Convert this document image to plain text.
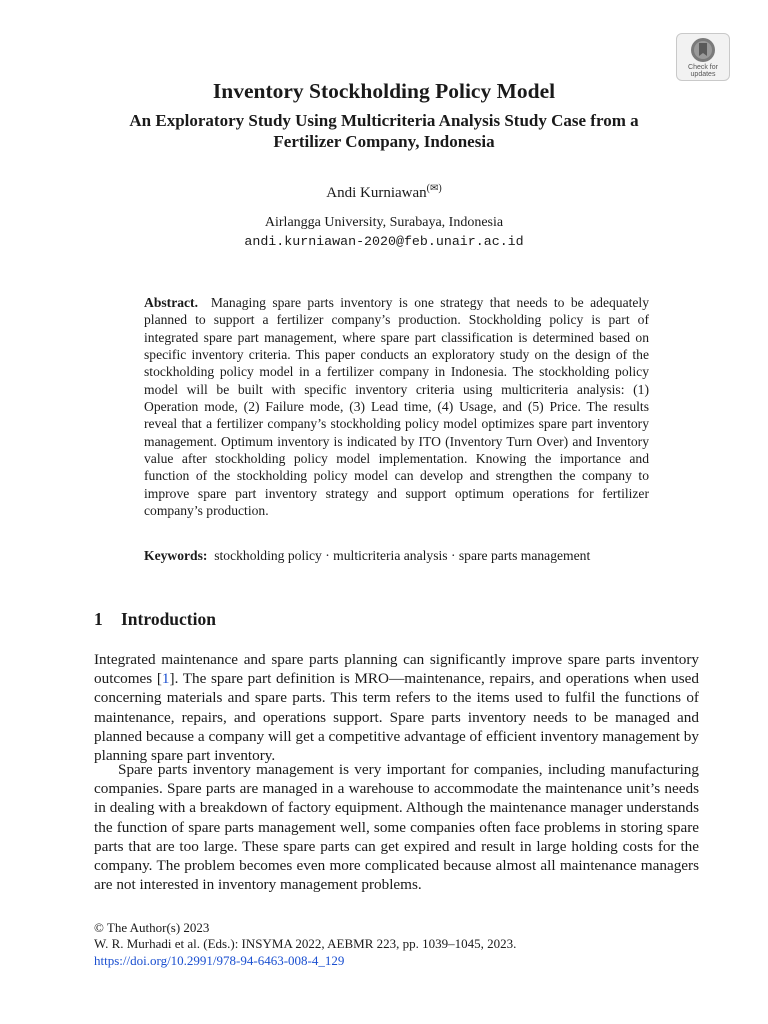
Check for updates
Inventory Stockholding Policy Model
An Exploratory Study Using Multicriteria Analysis Study Case from a Fertilizer Company, Indonesia
Andi Kurniawan(✉)
Airlangga University, Surabaya, Indonesia
andi.kurniawan-2020@feb.unair.ac.id

Abstract. Managing spare parts inventory is one strategy that needs to be adequately planned to support a fertilizer company’s production. Stockholding policy is part of integrated spare part management, where spare part classification is determined based on specific inventory criteria. This paper conducts an exploratory study on the design of the stockholding policy model in a fertilizer company in Indonesia. The stockholding policy model will be built with specific inventory criteria using multicriteria analysis: (1) Operation mode, (2) Failure mode, (3) Lead time, (4) Usage, and (5) Price. The results reveal that a fertilizer company’s stockholding policy model optimizes spare part inventory management. Optimum inventory is indicated by ITO (Inventory Turn Over) and Inventory value after stockholding policy model implementation. Knowing the importance and function of the stockholding policy model can develop and strengthen the company to improve spare part inventory strategy and support optimum operations for fertilizer company’s production.

Keywords: stockholding policy · multicriteria analysis · spare parts management
1 Introduction

Integrated maintenance and spare parts planning can significantly improve spare parts inventory outcomes [1]. The spare part definition is MRO—maintenance, repairs, and operations when used concerning materials and spare parts. This term refers to the items used to fulfil the functions of maintenance, repairs, and operations support. Spare parts inventory needs to be managed and planned because a company will get a competitive advantage of efficient inventory management by planning spare part inventory.

Spare parts inventory management is very important for companies, including manufacturing companies. Spare parts are managed in a warehouse to accommodate the maintenance unit’s needs in dealing with a breakdown of factory equipment. Although the maintenance manager understands the function of spare parts management well, some companies often face problems in storing spare parts that are too large. These spare parts can get expired and result in large holding costs for the company. The problem becomes even more complicated because almost all maintenance managers are not interested in inventory management problems.

© The Author(s) 2023
W. R. Murhadi et al. (Eds.): INSYMA 2022, AEBMR 223, pp. 1039–1045, 2023.
https://doi.org/10.2991/978-94-6463-008-4_129
